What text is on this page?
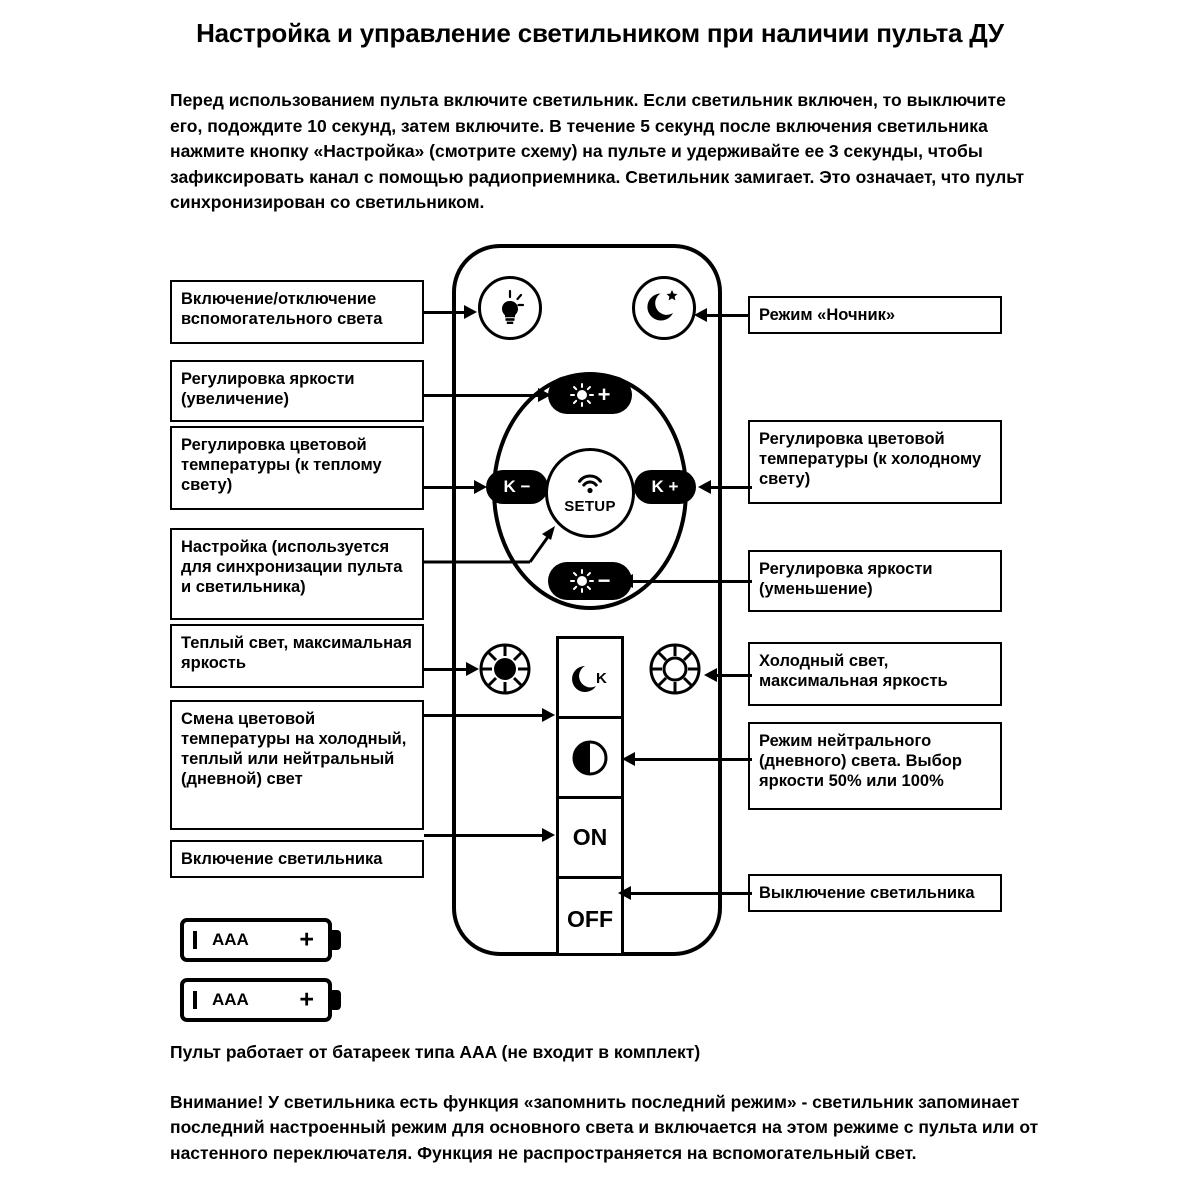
Настройка и управление светильником при наличии пульта ДУ
Перед использованием пульта включите светильник. Если светильник включен, то выключите его, подождите 10 секунд, затем включите. В течение 5 секунд после включения светильника нажмите кнопку «Настройка» (смотрите схему) на пульте и удерживайте ее 3 секунды, чтобы зафиксировать канал с помощью радиоприемника. Светильник замигает. Это означает, что пульт синхронизирован со светильником.
+
K −	K +
SETUP
−
K
ON
OFF
Включение/отключение вспомогательного света
Регулировка яркости (увеличение)
Регулировка цветовой температуры (к теплому свету)
Настройка (используется для синхронизации пульта и светильника)
Теплый свет, максимальная яркость
Смена цветовой температуры на холодный, теплый или нейтральный (дневной) свет
Включение светильника
Режим «Ночник»
Регулировка цветовой температуры (к холодному свету)
Регулировка яркости (уменьшение)
Холодный свет, максимальная яркость
Режим нейтрального (дневного) света. Выбор яркости 50% или 100%
Выключение светильника
AAA +
AAA +
Пульт работает от батареек типа AAA (не входит в комплект)
Внимание! У светильника есть функция «запомнить последний режим» - светильник запоминает последний настроенный режим для основного света и включается на этом режиме с пульта или от настенного переключателя. Функция не распространяется на вспомогательный свет.
